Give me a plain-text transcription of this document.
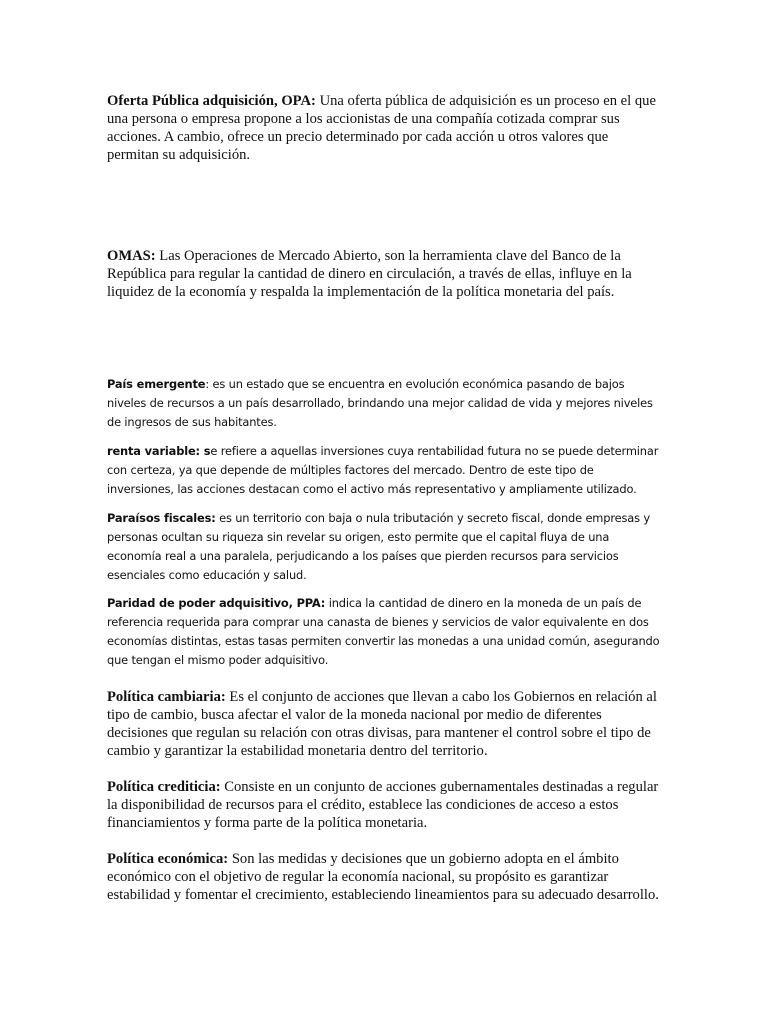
Oferta Pública adquisición, OPA: Una oferta pública de adquisición es un proceso en el que una persona o empresa propone a los accionistas de una compañía cotizada comprar sus acciones. A cambio, ofrece un precio determinado por cada acción u otros valores que permitan su adquisición.

OMAS: Las Operaciones de Mercado Abierto, son la herramienta clave del Banco de la República para regular la cantidad de dinero en circulación, a través de ellas, influye en la liquidez de la economía y respalda la implementación de la política monetaria del país.

País emergente: es un estado que se encuentra en evolución económica pasando de bajos niveles de recursos a un país desarrollado, brindando una mejor calidad de vida y mejores niveles de ingresos de sus habitantes.

renta variable: se refiere a aquellas inversiones cuya rentabilidad futura no se puede determinar con certeza, ya que depende de múltiples factores del mercado. Dentro de este tipo de inversiones, las acciones destacan como el activo más representativo y ampliamente utilizado.

Paraísos fiscales: es un territorio con baja o nula tributación y secreto fiscal, donde empresas y personas ocultan su riqueza sin revelar su origen, esto permite que el capital fluya de una economía real a una paralela, perjudicando a los países que pierden recursos para servicios esenciales como educación y salud.

Paridad de poder adquisitivo, PPA: indica la cantidad de dinero en la moneda de un país de referencia requerida para comprar una canasta de bienes y servicios de valor equivalente en dos economías distintas, estas tasas permiten convertir las monedas a una unidad común, asegurando que tengan el mismo poder adquisitivo.

Política cambiaria: Es el conjunto de acciones que llevan a cabo los Gobiernos en relación al tipo de cambio, busca afectar el valor de la moneda nacional por medio de diferentes decisiones que regulan su relación con otras divisas, para mantener el control sobre el tipo de cambio y garantizar la estabilidad monetaria dentro del territorio.

Política crediticia: Consiste en un conjunto de acciones gubernamentales destinadas a regular la disponibilidad de recursos para el crédito, establece las condiciones de acceso a estos financiamientos y forma parte de la política monetaria.

Política económica: Son las medidas y decisiones que un gobierno adopta en el ámbito económico con el objetivo de regular la economía nacional, su propósito es garantizar estabilidad y fomentar el crecimiento, estableciendo lineamientos para su adecuado desarrollo.
